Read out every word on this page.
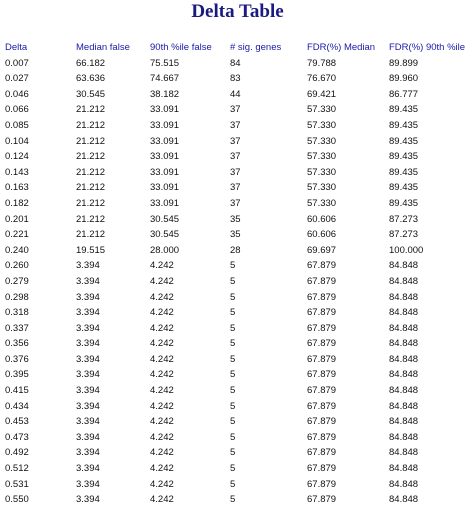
Delta Table
Delta	Median false	90th %ile false	# sig. genes	FDR(%) Median	FDR(%) 90th %ile
0.007	66.182	75.515	84	79.788	89.899
0.027	63.636	74.667	83	76.670	89.960
0.046	30.545	38.182	44	69.421	86.777
0.066	21.212	33.091	37	57.330	89.435
0.085	21.212	33.091	37	57.330	89.435
0.104	21.212	33.091	37	57.330	89.435
0.124	21.212	33.091	37	57.330	89.435
0.143	21.212	33.091	37	57.330	89.435
0.163	21.212	33.091	37	57.330	89.435
0.182	21.212	33.091	37	57.330	89.435
0.201	21.212	30.545	35	60.606	87.273
0.221	21.212	30.545	35	60.606	87.273
0.240	19.515	28.000	28	69.697	100.000
0.260	3.394	4.242	5	67.879	84.848
0.279	3.394	4.242	5	67.879	84.848
0.298	3.394	4.242	5	67.879	84.848
0.318	3.394	4.242	5	67.879	84.848
0.337	3.394	4.242	5	67.879	84.848
0.356	3.394	4.242	5	67.879	84.848
0.376	3.394	4.242	5	67.879	84.848
0.395	3.394	4.242	5	67.879	84.848
0.415	3.394	4.242	5	67.879	84.848
0.434	3.394	4.242	5	67.879	84.848
0.453	3.394	4.242	5	67.879	84.848
0.473	3.394	4.242	5	67.879	84.848
0.492	3.394	4.242	5	67.879	84.848
0.512	3.394	4.242	5	67.879	84.848
0.531	3.394	4.242	5	67.879	84.848
0.550	3.394	4.242	5	67.879	84.848
